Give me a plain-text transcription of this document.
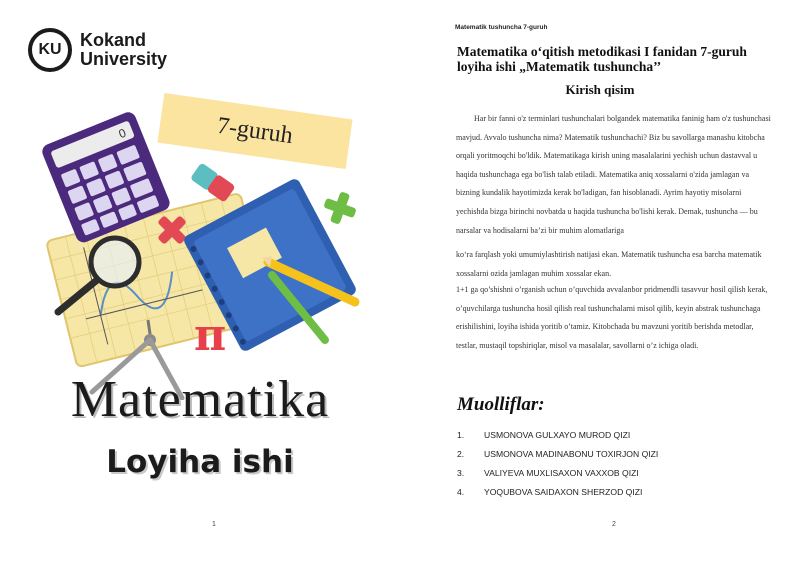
KU	Kokand
University
0
π
7-guruh
Matematika
Loyiha ishi
1
Matematik tushuncha 7-guruh
Matematika o‘qitish metodikasi I fanidan 7-guruh loyiha ishi „Matematik tushuncha’’
Kirish qisim

Har bir fanni o'z terminlari tushunchalari bolgandek matematika faninig ham o'z tushunchasi mavjud. Avvalo tushuncha nima? Matematik tushunchachi? Biz bu savollarga manashu kitobcha orqali yoritmoqchi bo'ldik. Matematikaga kirish uning masalalarini yechish uchun dastavval u haqida tushunchaga ega bo'lish talab etiladi. Matematika aniq xossalarni o'zida jamlagan va bizning kundalik hayotimizda kerak bo'ladigan, fan hisoblanadi. Ayrim hayotiy misolarni yechishda bizga birinchi novbatda u haqida tushuncha bo'lishi kerak. Demak, tushuncha — bu narsalar va hodisalarni ba’zi bir muhim alomatlariga

ko‘ra farqlash yoki umumiylashtirish natijasi ekan. Matematik tushuncha esa barcha matematik xossalarni ozida jamlagan muhim xossalar ekan.

1+1 ga qo’shishni o’rganish uchun o’quvchida avvalanbor pridmendli tasavvur hosil qilish kerak, o’quvchilarga tushuncha hosil qilish real tushunchalarni misol qilib, keyin abstrak tushunchaga erishilishini, loyiha ishida yoritib o’tamiz. Kitobchada bu mavzuni yoritib berishda metodlar, testlar, mustaqil topshiriqlar, misol va masalalar, savollarni o’z ichiga oladi.

Muolliflar:
1.	USMONOVA GULXAYO MUROD QIZI
2.	USMONOVA MADINABONU TOXIRJON QIZI
3.	VALIYEVA MUXLISAXON VAXXOB QIZI
4.	YOQUBOVA SAIDAXON SHERZOD QIZI
2
